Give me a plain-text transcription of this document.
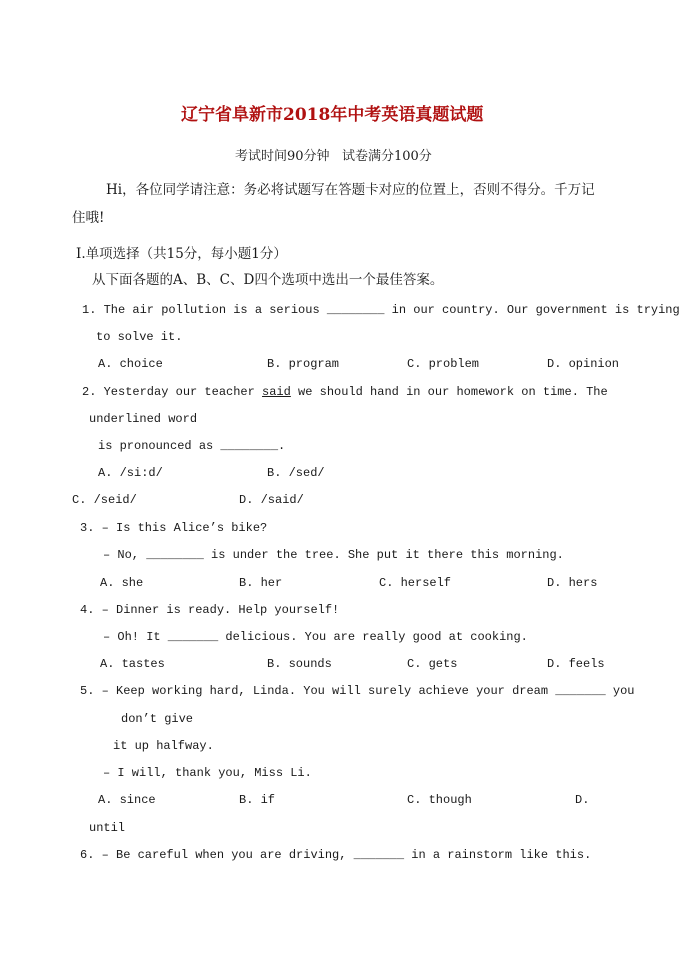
辽宁省阜新市2018年中考英语真题试题
考试时间90分钟   试卷满分100分
Hi，各位同学请注意：务必将试题写在答题卡对应的位置上，否则不得分。千万记
住哦!
Ⅰ.单项选择（共15分，每小题1分）
从下面各题的A、B、C、D四个选项中选出一个最佳答案。
1. The air pollution is a serious ________ in our country. Our government is trying
to solve it.
A. choice	B. program	C. problem	D. opinion
2. Yesterday our teacher said we should hand in our homework on time. The
underlined word
is pronounced as ________.
A. /si:d/	B. /sed/
C. /seid/	D. /said/
3. – Is this Alice’s bike?
– No, ________ is under the tree. She put it there this morning.
A. she	B. her	C. herself	D. hers
4. – Dinner is ready. Help yourself!
– Oh! It _______ delicious. You are really good at cooking.
A. tastes	B. sounds	C. gets	D. feels
5. – Keep working hard, Linda. You will surely achieve your dream _______ you
don’t give
it up halfway.
– I will, thank you, Miss Li.
A. since	B. if	C. though	D.
until
6. – Be careful when you are driving, _______ in a rainstorm like this.
